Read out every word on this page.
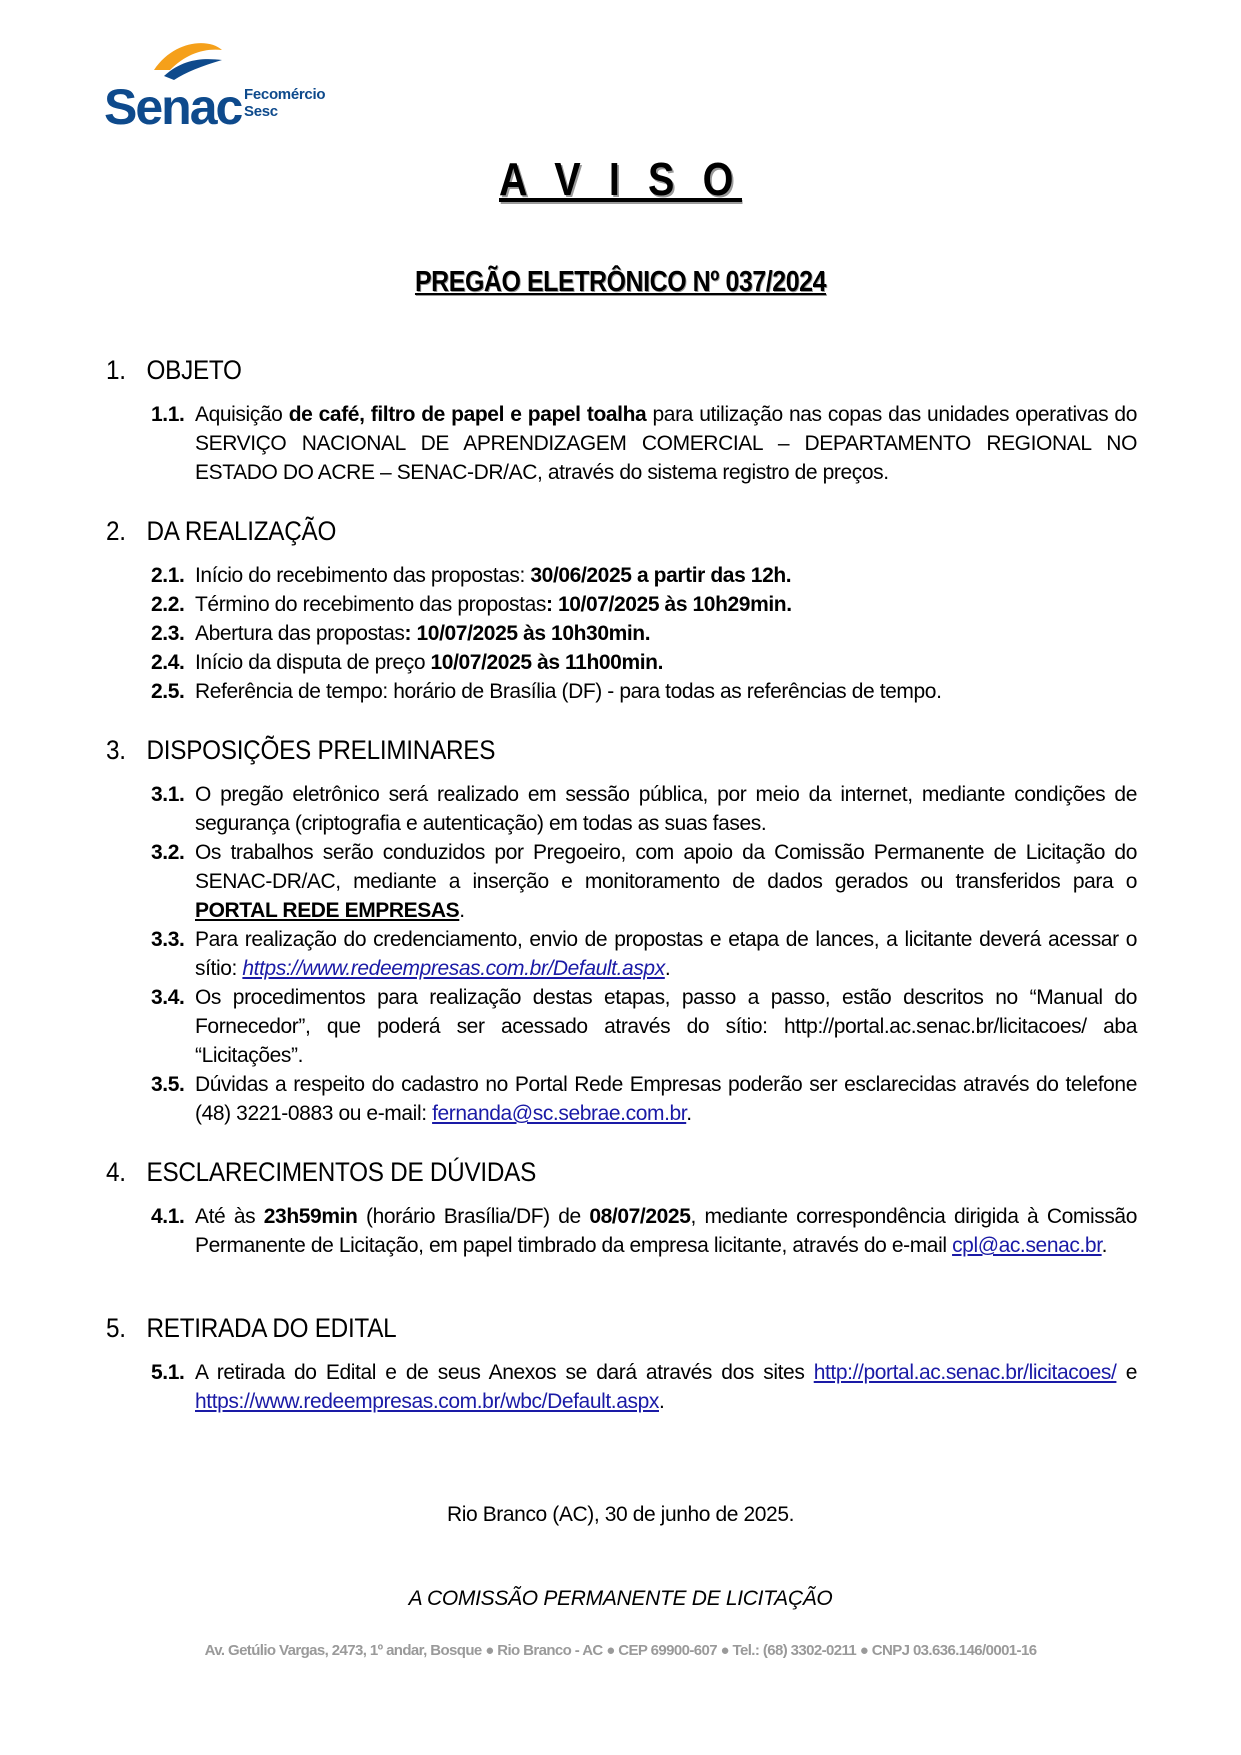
Senac Fecomércio
Sesc
A V I S O
PREGÃO ELETRÔNICO Nº 037/2024
1. OBJETO
1.1. Aquisição de café, filtro de papel e papel toalha para utilização nas copas das unidades operativas do SERVIÇO NACIONAL DE APRENDIZAGEM COMERCIAL – DEPARTAMENTO REGIONAL NO ESTADO DO ACRE – SENAC-DR/AC, através do sistema registro de preços.
2. DA REALIZAÇÃO
2.1. Início do recebimento das propostas: 30/06/2025 a partir das 12h.
2.2. Término do recebimento das propostas: 10/07/2025 às 10h29min.
2.3. Abertura das propostas: 10/07/2025 às 10h30min.
2.4. Início da disputa de preço 10/07/2025 às 11h00min.
2.5. Referência de tempo: horário de Brasília (DF) - para todas as referências de tempo.
3. DISPOSIÇÕES PRELIMINARES
3.1. O pregão eletrônico será realizado em sessão pública, por meio da internet, mediante condições de segurança (criptografia e autenticação) em todas as suas fases.
3.2. Os trabalhos serão conduzidos por Pregoeiro, com apoio da Comissão Permanente de Licitação do SENAC-DR/AC, mediante a inserção e monitoramento de dados gerados ou transferidos para o PORTAL REDE EMPRESAS.
3.3. Para realização do credenciamento, envio de propostas e etapa de lances, a licitante deverá acessar o sítio: https://www.redeempresas.com.br/Default.aspx.
3.4. Os procedimentos para realização destas etapas, passo a passo, estão descritos no “Manual do Fornecedor”, que poderá ser acessado através do sítio: http://portal.ac.senac.br/licitacoes/ aba “Licitações”.
3.5. Dúvidas a respeito do cadastro no Portal Rede Empresas poderão ser esclarecidas através do telefone (48) 3221-0883 ou e-mail: fernanda@sc.sebrae.com.br.
4. ESCLARECIMENTOS DE DÚVIDAS
4.1. Até às 23h59min (horário Brasília/DF) de 08/07/2025, mediante correspondência dirigida à Comissão Permanente de Licitação, em papel timbrado da empresa licitante, através do e-mail cpl@ac.senac.br.
5. RETIRADA DO EDITAL
5.1. A retirada do Edital e de seus Anexos se dará através dos sites http://portal.ac.senac.br/licitacoes/ e https://www.redeempresas.com.br/wbc/Default.aspx.
Rio Branco (AC), 30 de junho de 2025.
A COMISSÃO PERMANENTE DE LICITAÇÃO
Av. Getúlio Vargas, 2473, 1º andar, Bosque ● Rio Branco - AC ● CEP 69900-607 ● Tel.: (68) 3302-0211 ● CNPJ 03.636.146/0001-16
